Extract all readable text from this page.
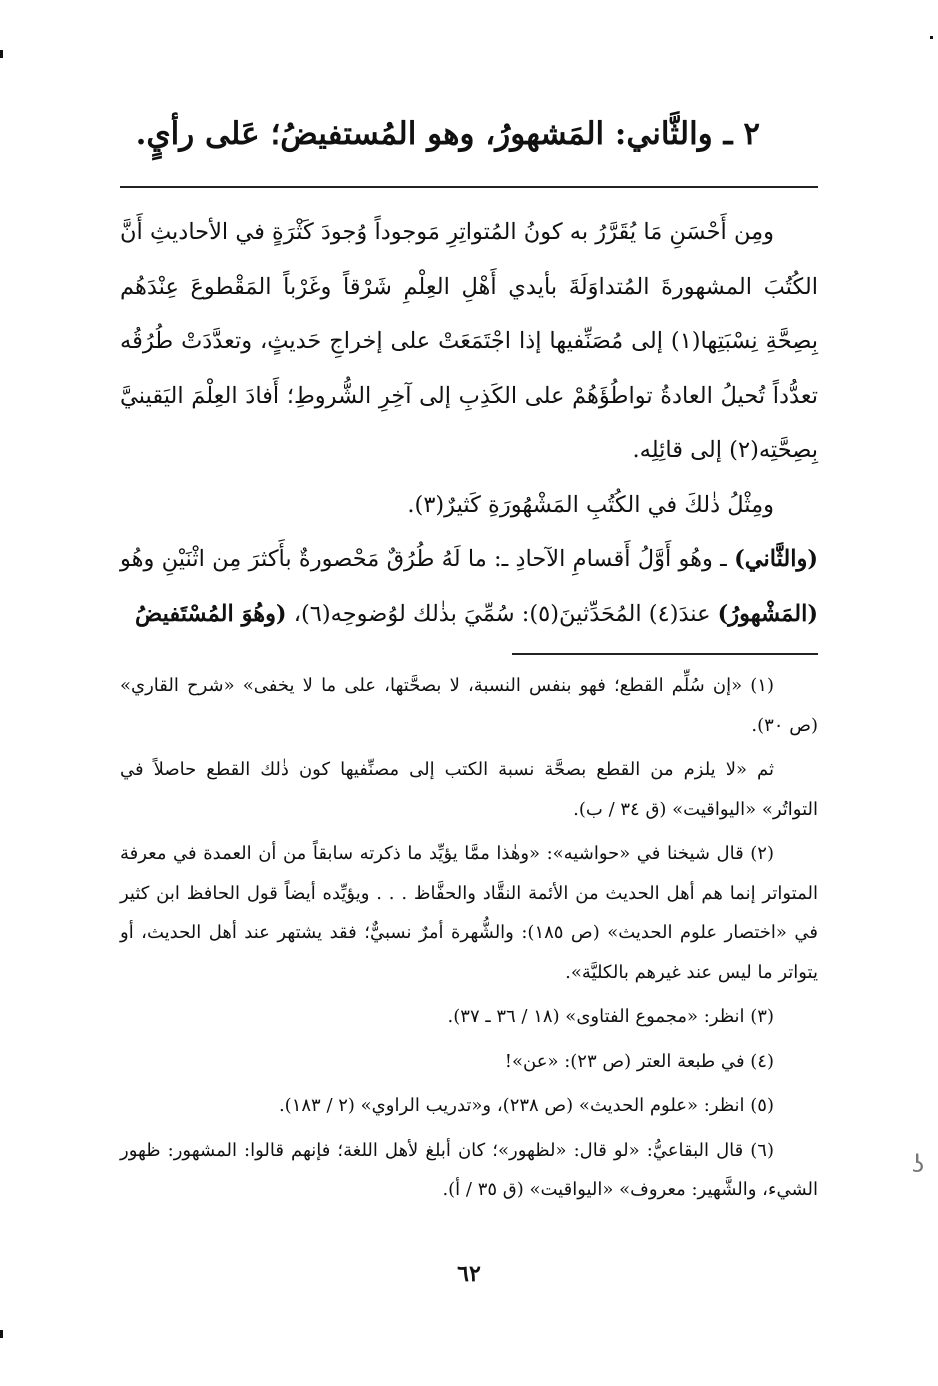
٢ ـ والثَّاني: المَشهورُ، وهو المُستفيضُ؛ عَلى رأيٍ.

ومِن أَحْسَنِ مَا يُقَرَّرُ به كونُ المُتواتِرِ مَوجوداً وُجودَ كَثْرَةٍ في الأحاديثِ أَنَّ الكُتُبَ المشهورةَ المُتداوَلَةَ بأيدي أَهْلِ العِلْمِ شَرْقاً وغَرْباً المَقْطوعَ عِنْدَهُم بِصِحَّةِ نِسْبَتِها(١) إلى مُصَنِّفيها إذا اجْتَمَعَتْ على إخراجِ حَديثٍ، وتعدَّدَتْ طُرُقُه تعدُّداً تُحيلُ العادةُ تواطُؤَهُمْ على الكَذِبِ إلى آخِرِ الشُّروطِ؛ أَفادَ العِلْمَ اليَقينيَّ بِصِحَّتِه(٢) إلى قائِلِه.

ومِثْلُ ذٰلكَ في الكُتُبِ المَشْهُورَةِ كَثيرٌ(٣).

(والثَّاني) ـ وهُو أَوَّلُ أَقسامِ الآحادِ ـ: ما لَهُ طُرُقٌ مَحْصورةٌ بأَكثرَ مِن اثْنَيْنِ وهُو (المَشْهورُ) عندَ(٤) المُحَدِّثينَ(٥): سُمِّيَ بذٰلك لوُضوحِه(٦)، (وهُوَ المُسْتَفيضُ

(١) «إن سُلِّم القطع؛ فهو بنفس النسبة، لا بصحَّتها، على ما لا يخفى» «شرح القاري» (ص ٣٠).

ثم «لا يلزم من القطع بصحَّة نسبة الكتب إلى مصنِّفيها كون ذٰلك القطع حاصلاً في التواتُر» «اليواقيت» (ق ٣٤ / ب).

(٢) قال شيخنا في «حواشيه»: «وهٰذا ممَّا يؤيِّد ما ذكرته سابقاً من أن العمدة في معرفة المتواتر إنما هم أهل الحديث من الأئمة النقَّاد والحفَّاظ . . . ويؤيِّده أيضاً قول الحافظ ابن كثير في «اختصار علوم الحديث» (ص ١٨٥): والشُّهرة أمرٌ نسبيٌّ؛ فقد يشتهر عند أهل الحديث، أو يتواتر ما ليس عند غيرهم بالكليَّة».

(٣) انظر: «مجموع الفتاوى» (١٨ / ٣٦ ـ ٣٧).

(٤) في طبعة العتر (ص ٢٣): «عن»!

(٥) انظر: «علوم الحديث» (ص ٢٣٨)، و«تدريب الراوي» (٢ / ١٨٣).

(٦) قال البقاعيُّ: «لو قال: «لظهور»؛ كان أبلغ لأهل اللغة؛ فإنهم قالوا: المشهور: ظهور الشيء، والشَّهير: معروف» «اليواقيت» (ق ٣٥ / أ).

٦٢
ʖ
